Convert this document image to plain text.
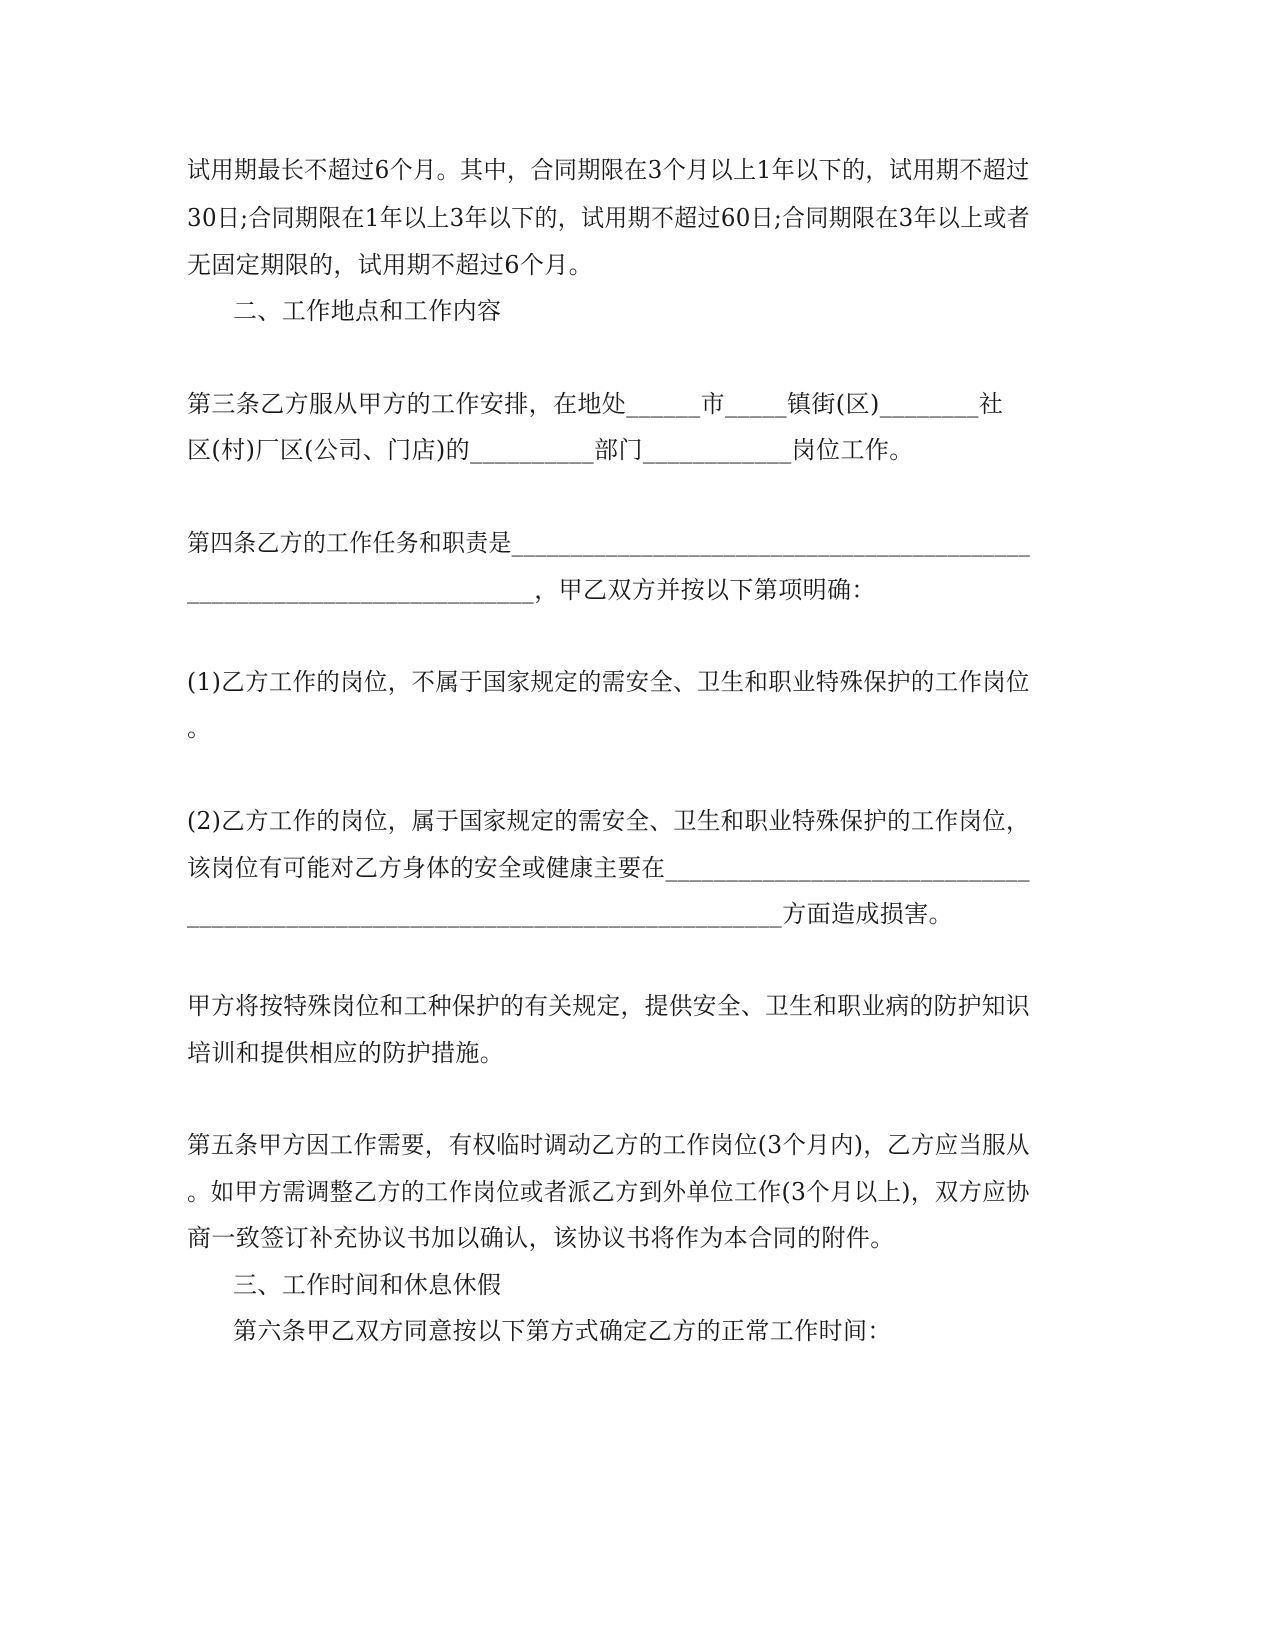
试用期最长不超过6个月。其中，合同期限在3个月以上1年以下的，试用期不超过
30日;合同期限在1年以上3年以下的，试用期不超过60日;合同期限在3年以上或者
无固定期限的，试用期不超过6个月。
二、工作地点和工作内容
第三条乙方服从甲方的工作安排，在地处______市_____镇街(区)________社
区(村)厂区(公司、门店)的__________部门____________岗位工作。
第四条乙方的工作任务和职责是____________________________________________
____________________________，甲乙双方并按以下第项明确：
(1)乙方工作的岗位，不属于国家规定的需安全、卫生和职业特殊保护的工作岗位
。
(2)乙方工作的岗位，属于国家规定的需安全、卫生和职业特殊保护的工作岗位，
该岗位有可能对乙方身体的安全或健康主要在______________________________
________________________________________________方面造成损害。
甲方将按特殊岗位和工种保护的有关规定，提供安全、卫生和职业病的防护知识
培训和提供相应的防护措施。
第五条甲方因工作需要，有权临时调动乙方的工作岗位(3个月内)，乙方应当服从
。如甲方需调整乙方的工作岗位或者派乙方到外单位工作(3个月以上)，双方应协
商一致签订补充协议书加以确认，该协议书将作为本合同的附件。
三、工作时间和休息休假
第六条甲乙双方同意按以下第方式确定乙方的正常工作时间：
